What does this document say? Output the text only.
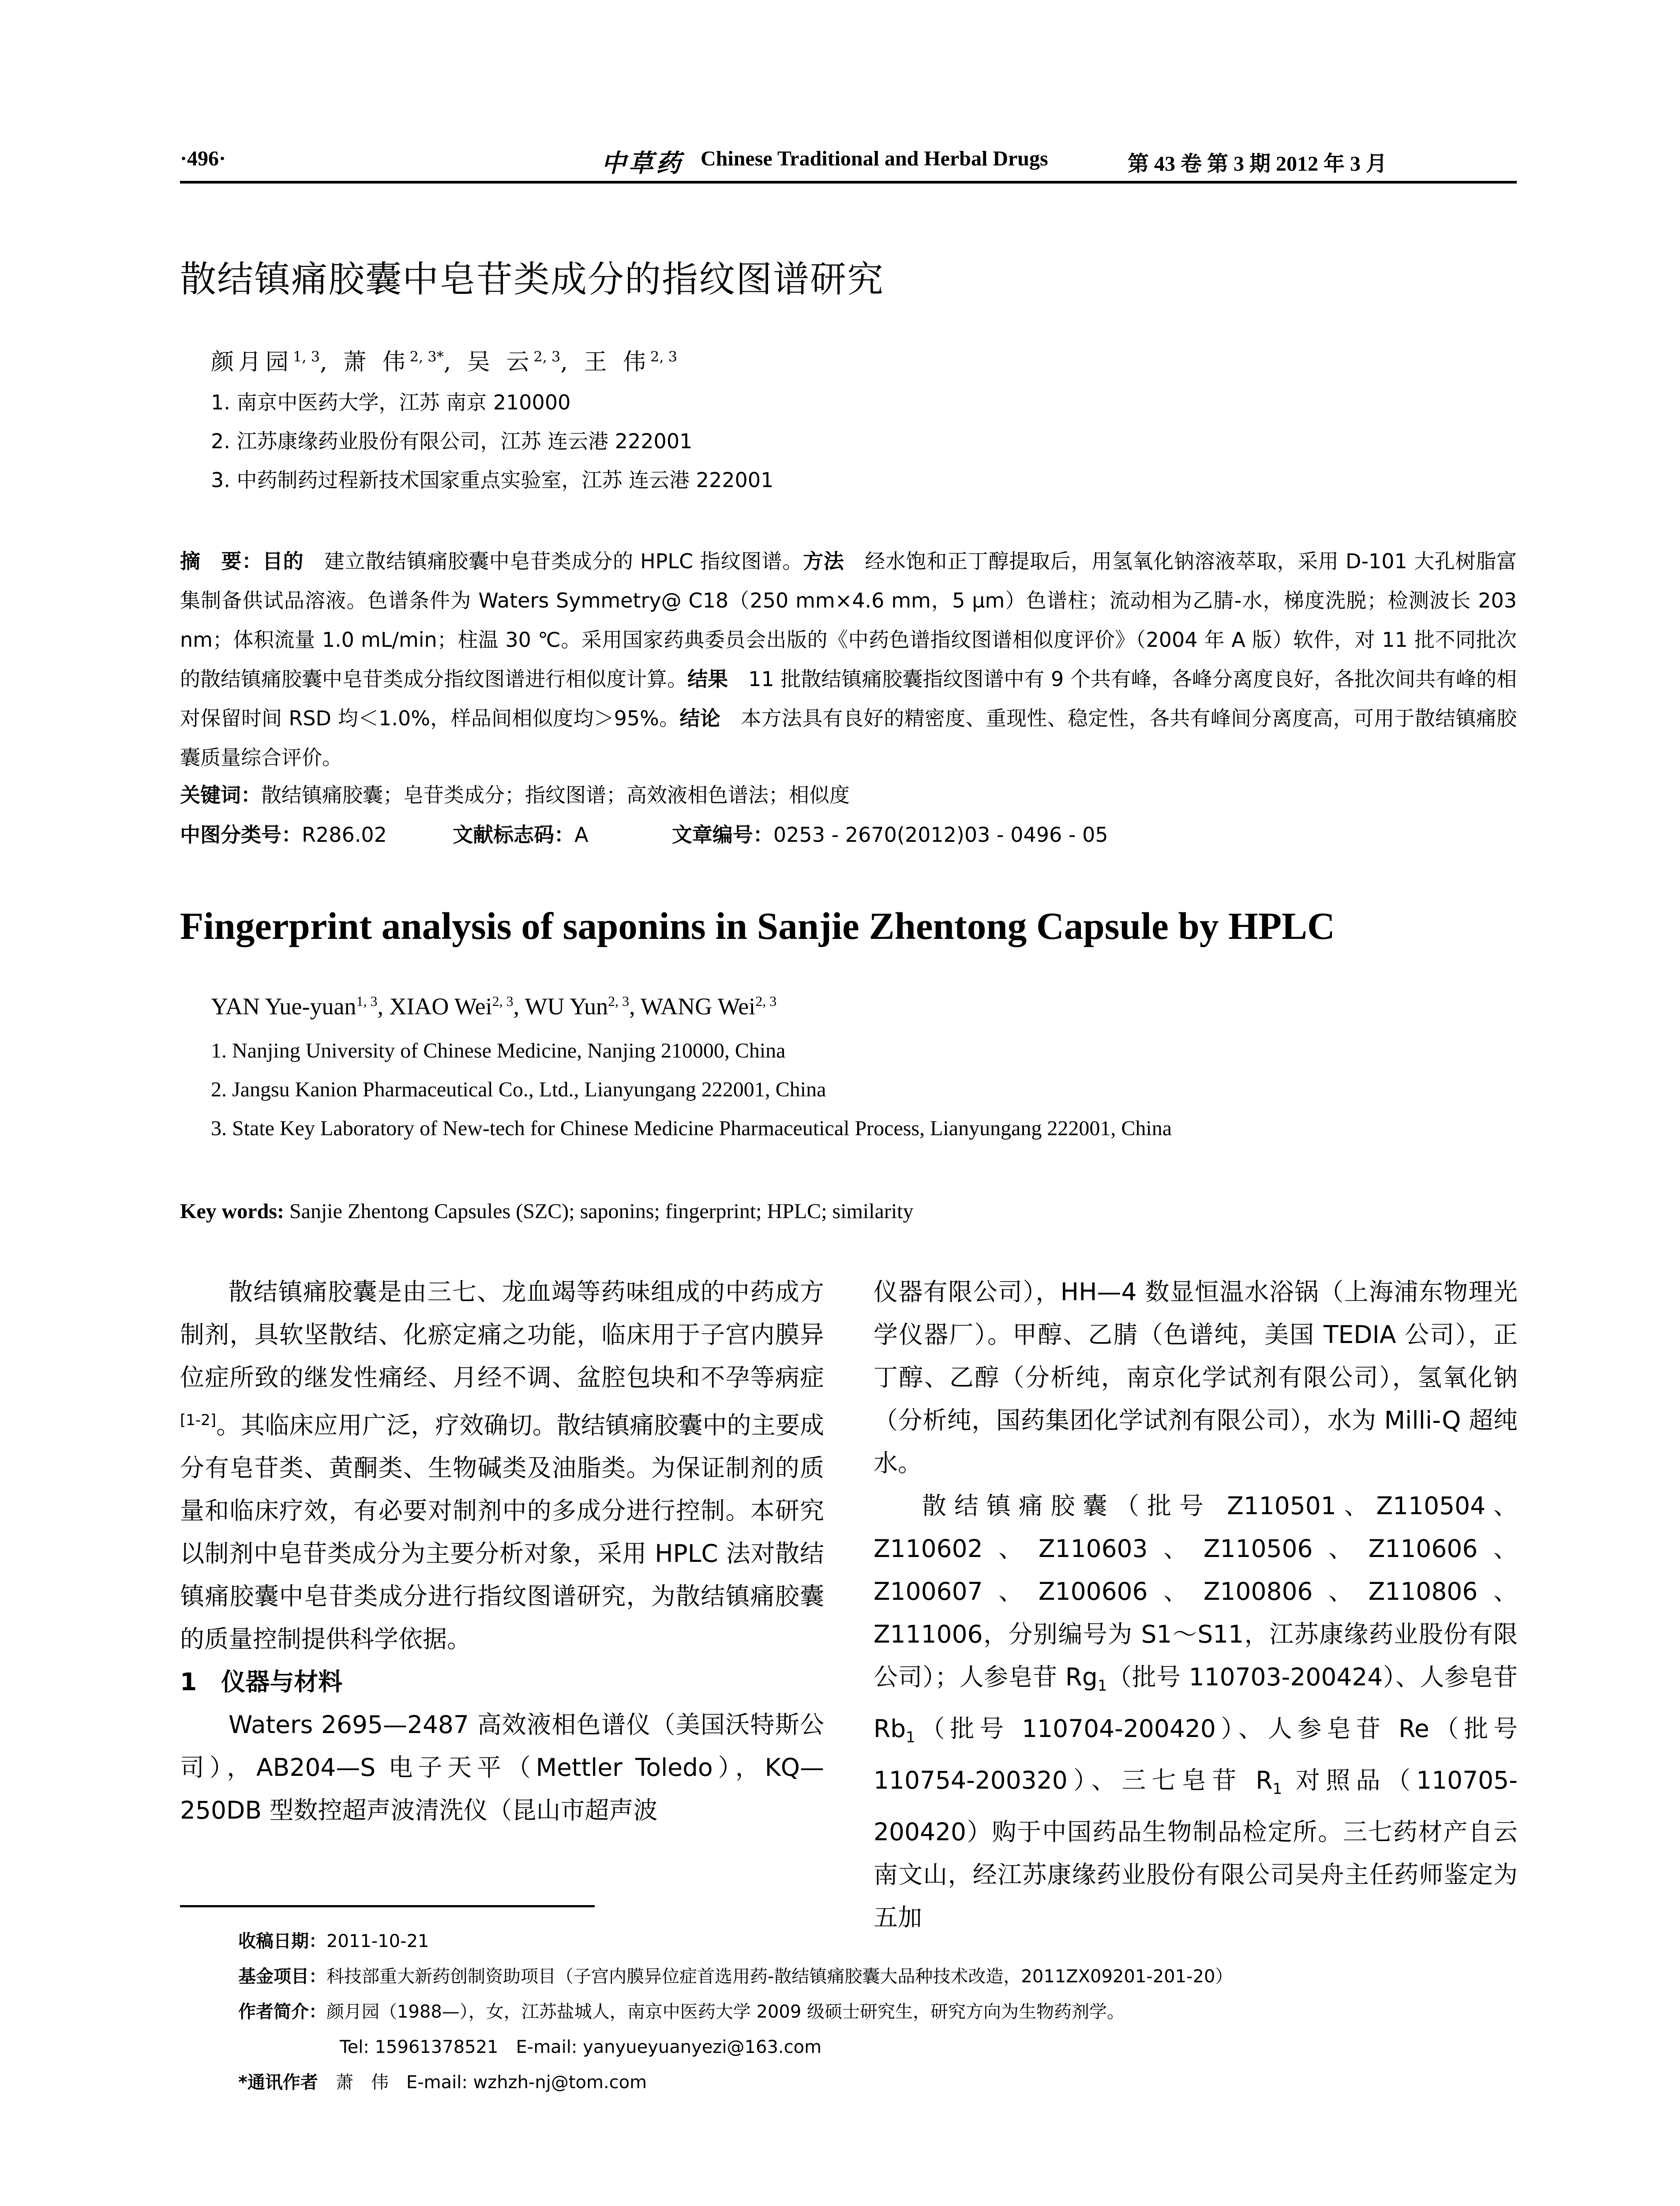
·496·	中草药 Chinese Traditional and Herbal Drugs	第 43 卷 第 3 期 2012 年 3 月
散结镇痛胶囊中皂苷类成分的指纹图谱研究
颜月园$^{1, 3}$, 萧 伟$^{2, 3*}$, 吴 云$^{2, 3}$, 王 伟$^{2, 3}$
1. 南京中医药大学，江苏 南京 210000
2. 江苏康缘药业股份有限公司，江苏 连云港 222001
3. 中药制药过程新技术国家重点实验室，江苏 连云港 222001
摘　要：目的　建立散结镇痛胶囊中皂苷类成分的 HPLC 指纹图谱。方法　经水饱和正丁醇提取后，用氢氧化钠溶液萃取，采用 D-101 大孔树脂富集制备供试品溶液。色谱条件为 Waters Symmetry@ C18（250 mm×4.6 mm，5 μm）色谱柱；流动相为乙腈-水，梯度洗脱；检测波长 203 nm；体积流量 1.0 mL/min；柱温 30 ℃。采用国家药典委员会出版的《中药色谱指纹图谱相似度评价》（2004 年 A 版）软件，对 11 批不同批次的散结镇痛胶囊中皂苷类成分指纹图谱进行相似度计算。结果　11 批散结镇痛胶囊指纹图谱中有 9 个共有峰，各峰分离度良好，各批次间共有峰的相对保留时间 RSD 均＜1.0%，样品间相似度均＞95%。结论　本方法具有良好的精密度、重现性、稳定性，各共有峰间分离度高，可用于散结镇痛胶囊质量综合评价。
关键词：散结镇痛胶囊；皂苷类成分；指纹图谱；高效液相色谱法；相似度
中图分类号：R286.02	文献标志码：A	文章编号：0253 - 2670(2012)03 - 0496 - 05
Fingerprint analysis of saponins in Sanjie Zhentong Capsule by HPLC
YAN Yue-yuan$^{1, 3}$, XIAO Wei$^{2, 3}$, WU Yun$^{2, 3}$, WANG Wei$^{2, 3}$
1. Nanjing University of Chinese Medicine, Nanjing 210000, China
2. Jangsu Kanion Pharmaceutical Co., Ltd., Lianyungang 222001, China
3. State Key Laboratory of New-tech for Chinese Medicine Pharmaceutical Process, Lianyungang 222001, China
Key words: Sanjie Zhentong Capsules (SZC); saponins; fingerprint; HPLC; similarity

散结镇痛胶囊是由三七、龙血竭等药味组成的中药成方制剂，具软坚散结、化瘀定痛之功能，临床用于子宫内膜异位症所致的继发性痛经、月经不调、盆腔包块和不孕等病症[1-2]。其临床应用广泛，疗效确切。散结镇痛胶囊中的主要成分有皂苷类、黄酮类、生物碱类及油脂类。为保证制剂的质量和临床疗效，有必要对制剂中的多成分进行控制。本研究以制剂中皂苷类成分为主要分析对象，采用 HPLC 法对散结镇痛胶囊中皂苷类成分进行指纹图谱研究，为散结镇痛胶囊的质量控制提供科学依据。

1　仪器与材料

Waters 2695—2487 高效液相色谱仪（美国沃特斯公司），AB204—S 电子天平（Mettler Toledo），KQ—250DB 型数控超声波清洗仪（昆山市超声波

仪器有限公司），HH—4 数显恒温水浴锅（上海浦东物理光学仪器厂）。甲醇、乙腈（色谱纯，美国 TEDIA 公司），正丁醇、乙醇（分析纯，南京化学试剂有限公司），氢氧化钠（分析纯，国药集团化学试剂有限公司），水为 Milli-Q 超纯水。

散结镇痛胶囊（批号 Z110501、Z110504、Z110602、Z110603、Z110506、Z110606、Z100607、Z100606、Z100806、Z110806、Z111006，分别编号为 S1～S11，江苏康缘药业股份有限公司）；人参皂苷 $Rg_1$（批号 110703-200424）、人参皂苷 $Rb_1$（批号 110704-200420）、人参皂苷 Re（批号 110754-200320）、三七皂苷 $R_1$ 对照品（110705-200420）购于中国药品生物制品检定所。三七药材产自云南文山，经江苏康缘药业股份有限公司吴舟主任药师鉴定为五加

收稿日期：2011-10-21
基金项目：科技部重大新药创制资助项目（子宫内膜异位症首选用药-散结镇痛胶囊大品种技术改造，2011ZX09201-201-20）
作者简介：颜月园（1988—），女，江苏盐城人，南京中医药大学 2009 级硕士研究生，研究方向为生物药剂学。
Tel: 15961378521　E-mail: yanyueyuanyezi@163.com
*通讯作者　萧　伟　E-mail: wzhzh-nj@tom.com
